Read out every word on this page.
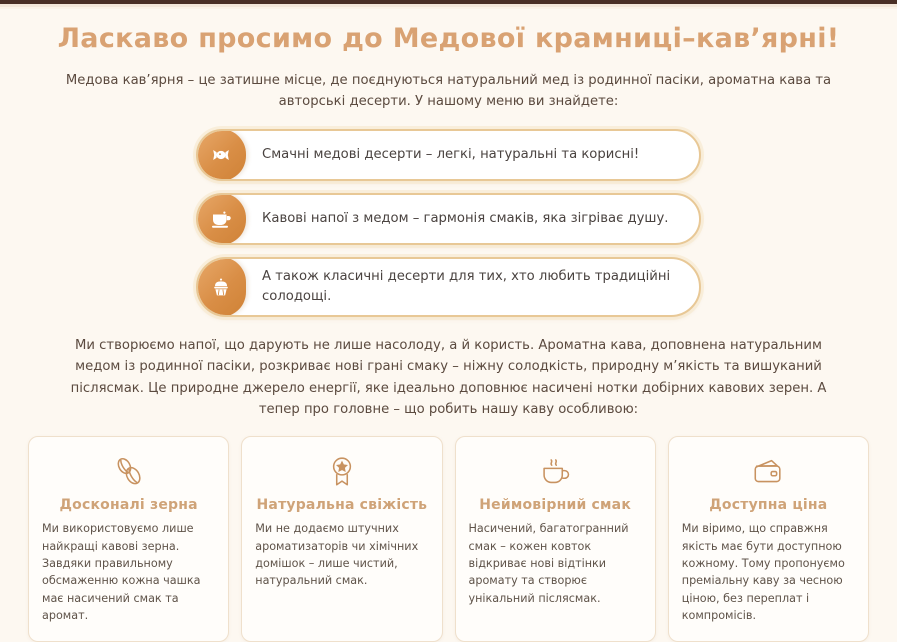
Ласкаво просимо до Медової крамниці–кав’ярні!

Медова кав’ярня – це затишне місце, де поєднуються натуральний мед із родинної пасіки, ароматна кава та авторські десерти. У нашому меню ви знайдете:

Смачні медові десерти – легкі, натуральні та корисні!
Кавові напої з медом – гармонія смаків, яка зігріває душу.
А також класичні десерти для тих, хто любить традиційні солодощі.

Ми створюємо напої, що дарують не лише насолоду, а й користь. Ароматна кава, доповнена натуральним медом із родинної пасіки, розкриває нові грані смаку – ніжну солодкість, природну м’якість та вишуканий післясмак. Це природне джерело енергії, яке ідеально доповнює насичені нотки добірних кавових зерен. А тепер про головне – що робить нашу каву особливою:

Досконалі зерна
Ми використовуємо лише найкращі кавові зерна. Завдяки правильному обсмаженню кожна чашка має насичений смак та аромат.
Натуральна свіжість
Ми не додаємо штучних ароматизаторів чи хімічних домішок – лише чистий, натуральний смак.
Неймовірний смак
Насичений, багатогранний смак – кожен ковток відкриває нові відтінки аромату та створює унікальний післясмак.
Доступна ціна
Ми віримо, що справжня якість має бути доступною кожному. Тому пропонуємо преміальну каву за чесною ціною, без переплат і компромісів.
